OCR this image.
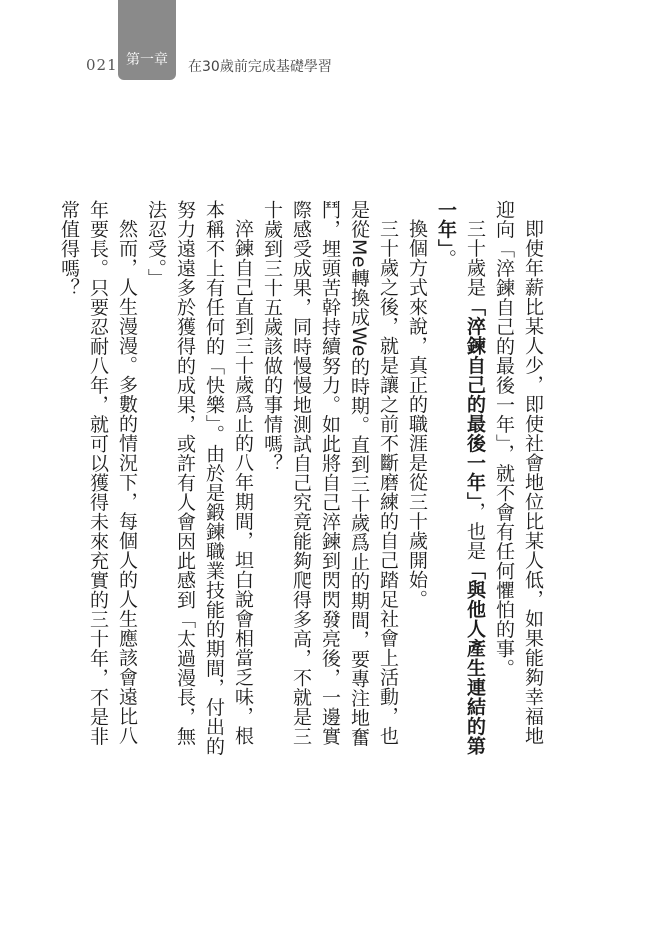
021 第一章 在30歲前完成基礎學習

即使年薪比某人少，即使社會地位比某人低，如果能夠幸福地迎向「淬鍊自己的最後一年」，就不會有任何懼怕的事。

三十歲是「淬鍊自己的最後一年」，也是「與他人產生連結的第一年」。

換個方式來說，真正的職涯是從三十歲開始。

三十歲之後，就是讓之前不斷磨練的自己踏足社會上活動，也是從Me轉換成We的時期。直到三十歲爲止的期間，要專注地奮鬥，埋頭苦幹持續努力。如此將自己淬鍊到閃閃發亮後，一邊實際感受成果，同時慢慢地測試自己究竟能夠爬得多高，不就是三十歲到三十五歲該做的事情嗎？

淬鍊自己直到三十歲爲止的八年期間，坦白說會相當乏味，根本稱不上有任何的「快樂」。由於是鍛鍊職業技能的期間，付出的努力遠遠多於獲得的成果，或許有人會因此感到「太過漫長，無法忍受。」

然而，人生漫漫。多數的情況下，每個人的人生應該會遠比八年要長。只要忍耐八年，就可以獲得未來充實的三十年，不是非常值得嗎？
